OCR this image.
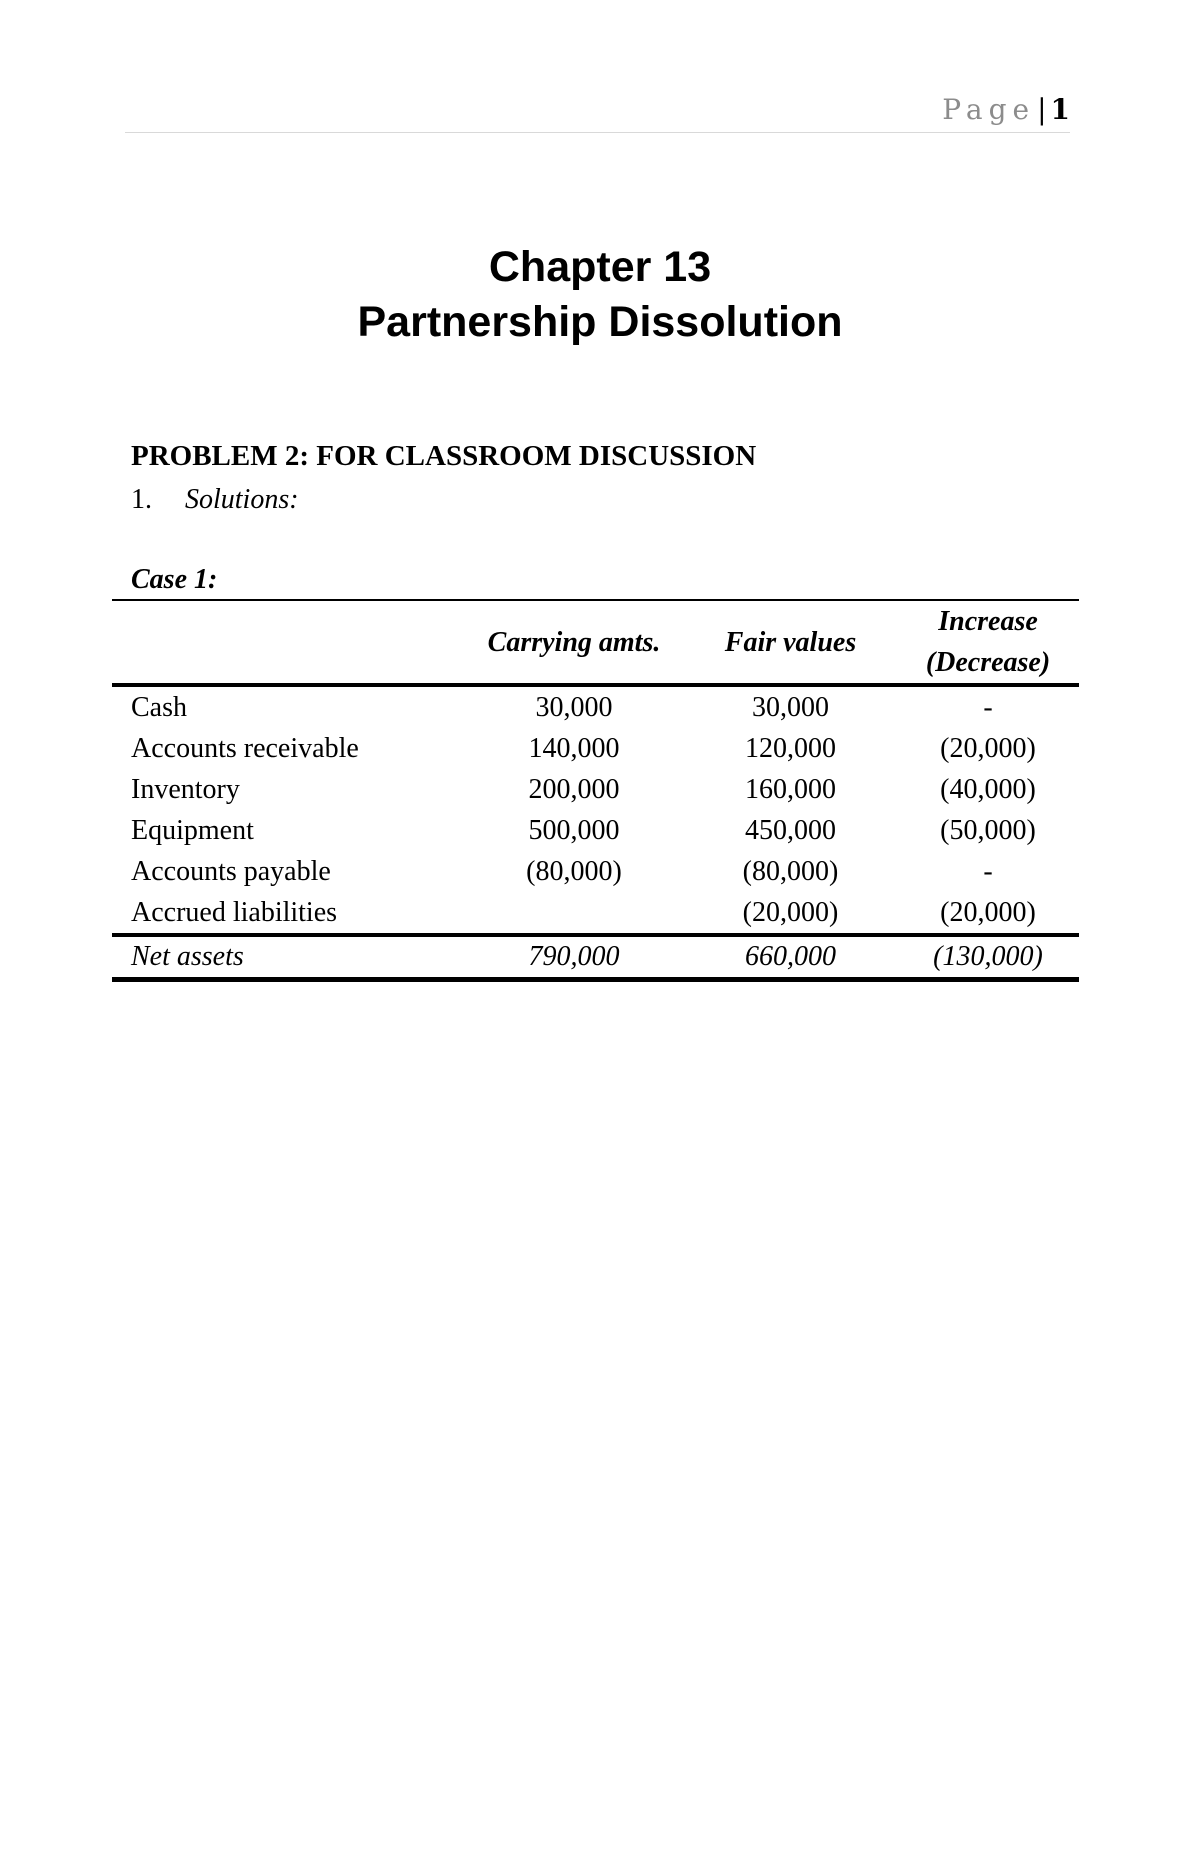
Page| 1
Chapter 13
Partnership Dissolution
PROBLEM 2: FOR CLASSROOM DISCUSSION
1. Solutions:
Case 1:
	Carrying amts.	Fair values	Increase
(Decrease)

Cash	30,000	30,000	-
Accounts receivable	140,000	120,000	(20,000)
Inventory	200,000	160,000	(40,000)
Equipment	500,000	450,000	(50,000)
Accounts payable	(80,000)	(80,000)	-
Accrued liabilities		(20,000)	(20,000)
Net assets	790,000	660,000	(130,000)
